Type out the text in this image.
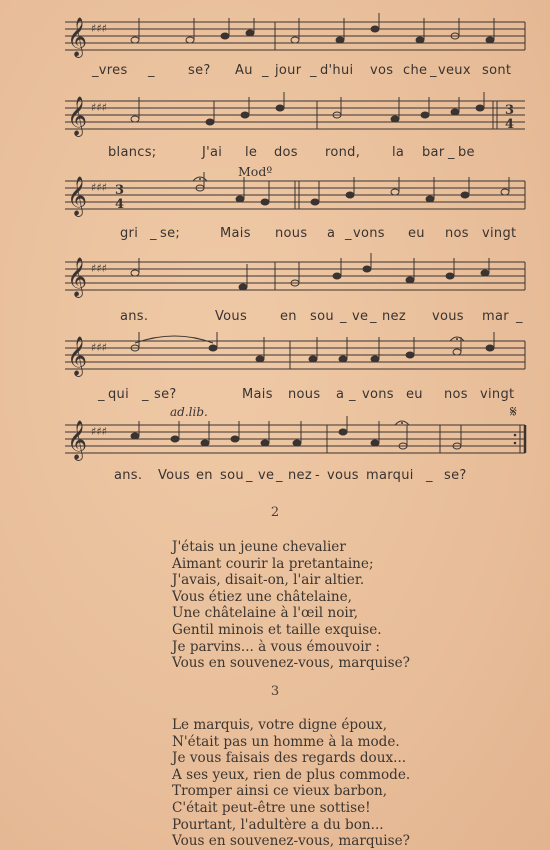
𝄞 ♯♯♯

_vres

_

	se?

Au

_

jour

_

d'hui

vos

che

_

veux

sont

𝄞 ♯♯♯	3
4

blancs;

	J'ai

le

dos

rond,

la

bar

_

be

Modº
𝄞 ♯♯♯ 3
4

gri

_

se;

	Mais

nous

a

_

vons

eu

nos

vingt

𝄞 ♯♯♯

ans.

	Vous

	en

sou

_

ve

_

nez

vous

mar

_

𝄞 ♯♯♯

_

qui

_

se?

	Mais

nous

a

_

vons

eu

nos

vingt

ad.lib.	𝄋
𝄞 ♯♯♯

ans.

Vous

en

sou

_

ve

_

nez

-

vous

marqui

_

se?

2
J'étais un jeune chevalier
Aimant courir la pretantaine;
J'avais, disait-on, l'air altier.
Vous étiez une châtelaine,
Une châtelaine à l'œil noir,
Gentil minois et taille exquise.
Je parvins... à vous émouvoir :
Vous en souvenez-vous, marquise?
3
Le marquis, votre digne époux,
N'était pas un homme à la mode.
Je vous faisais des regards doux...
A ses yeux, rien de plus commode.
Tromper ainsi ce vieux barbon,
C'était peut-être une sottise!
Pourtant, l'adultère a du bon...
Vous en souvenez-vous, marquise?
